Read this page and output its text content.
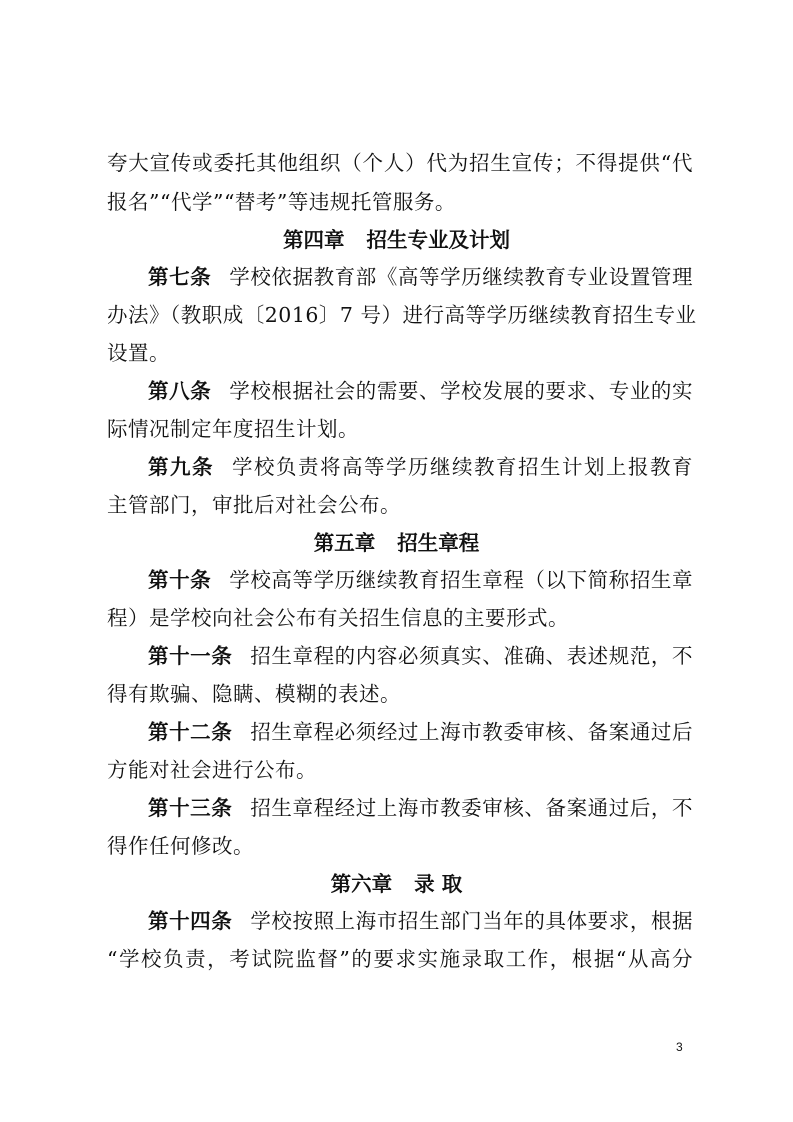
夸大宣传或委托其他组织（个人）代为招生宣传；不得提供“代
报名”“代学”“替考”等违规托管服务。
第四章 招生专业及计划
第七条 学校依据教育部《高等学历继续教育专业设置管理
办法》（教职成〔2016〕7 号）进行高等学历继续教育招生专业
设置。
第八条 学校根据社会的需要、学校发展的要求、专业的实
际情况制定年度招生计划。
第九条 学校负责将高等学历继续教育招生计划上报教育
主管部门，审批后对社会公布。
第五章 招生章程
第十条 学校高等学历继续教育招生章程（以下简称招生章
程）是学校向社会公布有关招生信息的主要形式。
第十一条 招生章程的内容必须真实、准确、表述规范，不
得有欺骗、隐瞒、模糊的表述。
第十二条 招生章程必须经过上海市教委审核、备案通过后
方能对社会进行公布。
第十三条 招生章程经过上海市教委审核、备案通过后，不
得作任何修改。
第六章 录 取
第十四条 学校按照上海市招生部门当年的具体要求，根据
“学校负责，考试院监督”的要求实施录取工作，根据“从高分
3
